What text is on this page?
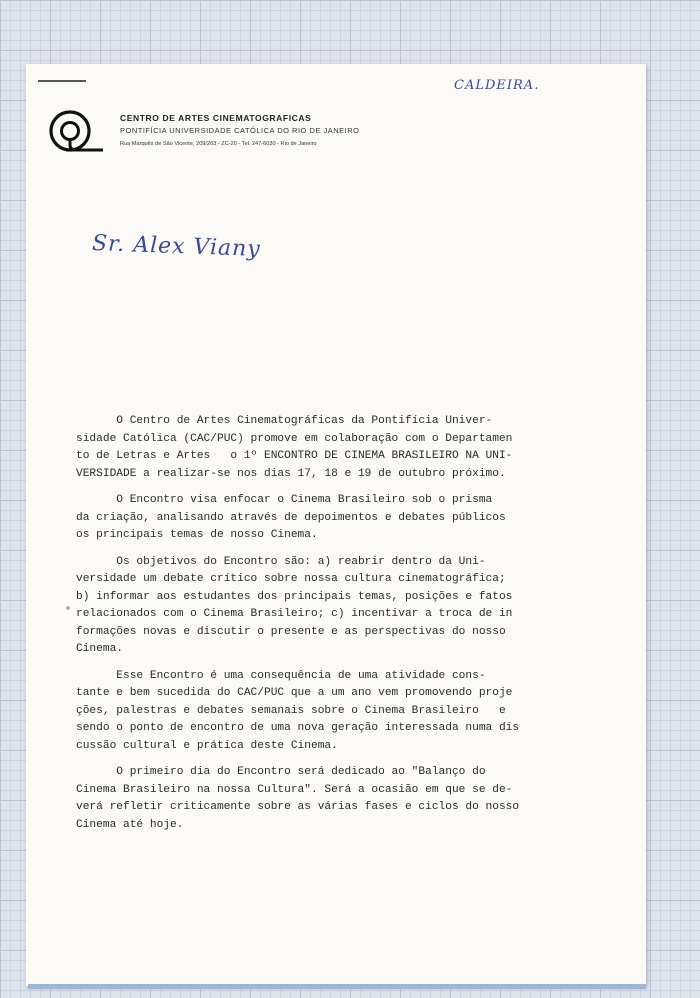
CENTRO DE ARTES CINEMATOGRAFICAS

PONTIFÍCIA UNIVERSIDADE CATÓLICA DO RIO DE JANEIRO

Rua Marquês de São Vicente, 209/263 - ZC-20 - Tel. 247-6030 - Rio de Janeiro

CALDEIRA.
Sr. Alex Viany

O Centro de Artes Cinematográficas da Pontifícia Univer-
sidade Católica (CAC/PUC) promove em colaboração com o Departamen
to de Letras e Artes   o 1º ENCONTRO DE CINEMA BRASILEIRO NA UNI-
VERSIDADE a realizar-se nos dias 17, 18 e 19 de outubro próximo.

O Encontro visa enfocar o Cinema Brasileiro sob o prisma
da criação, analisando através de depoimentos e debates públicos
os principais temas de nosso Cinema.

Os objetivos do Encontro são: a) reabrir dentro da Uni-
versidade um debate crítico sobre nossa cultura cinematográfica;
b) informar aos estudantes dos principais temas, posições e fatos
relacionados com o Cinema Brasileiro; c) incentivar a troca de in
formações novas e discutir o presente e as perspectivas do nosso
Cinema.

Esse Encontro é uma consequência de uma atividade cons-
tante e bem sucedida do CAC/PUC que a um ano vem promovendo proje
ções, palestras e debates semanais sobre o Cinema Brasileiro   e
sendo o ponto de encontro de uma nova geração interessada numa dis
cussão cultural e prática deste Cinema.

O primeiro dia do Encontro será dedicado ao "Balanço do
Cinema Brasileiro na nossa Cultura". Será a ocasião em que se de-
verá refletir criticamente sobre as várias fases e ciclos do nosso
Cinema até hoje.
